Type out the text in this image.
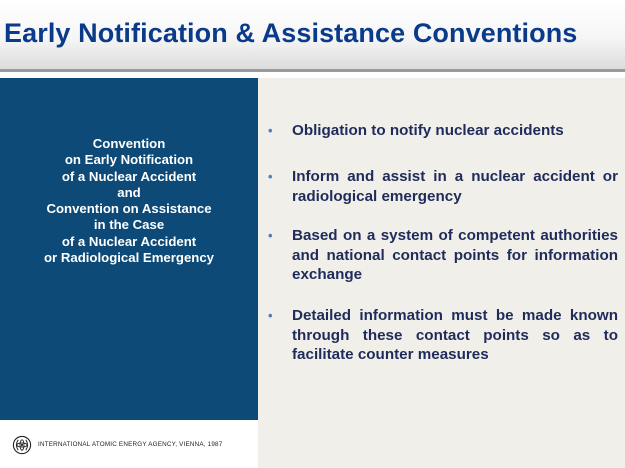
Early Notification & Assistance Conventions
Convention
on Early Notification
of a Nuclear Accident
and
Convention on Assistance
in the Case
of a Nuclear Accident
or Radiological Emergency
INTERNATIONAL ATOMIC ENERGY AGENCY, VIENNA, 1987
• Obligation to notify nuclear accidents
• Inform and assist in a nuclear accident or radiological emergency
• Based on a system of competent authorities and national contact points for information exchange
• Detailed information must be made known through these contact points so as to facilitate counter measures
